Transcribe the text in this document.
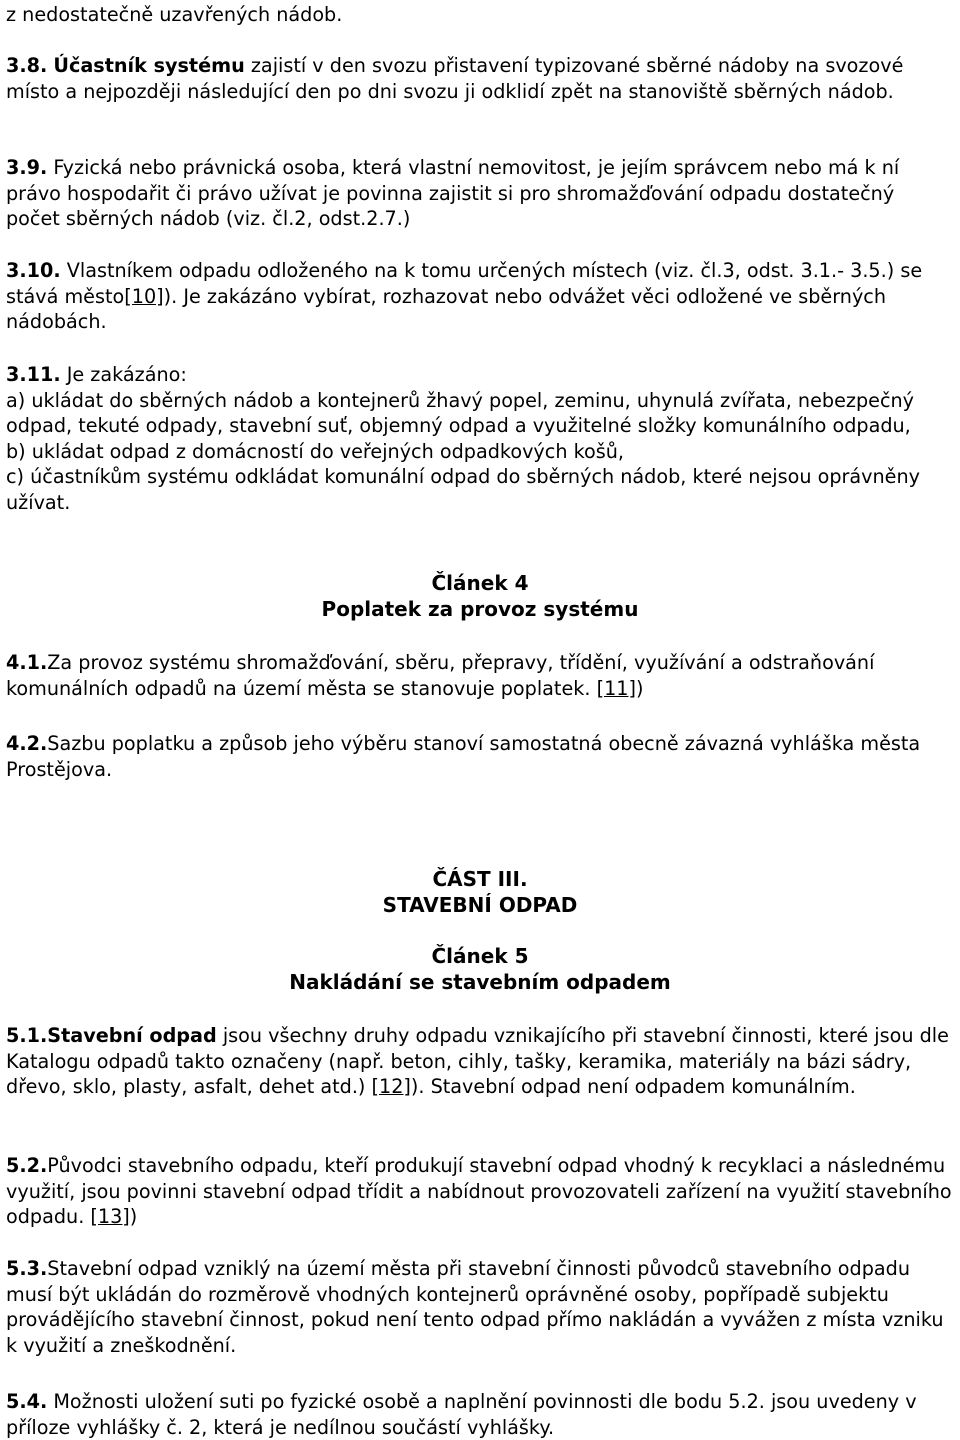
z nedostatečně uzavřených nádob.

3.8. Účastník systému zajistí v den svozu přistavení typizované sběrné nádoby na svozové místo a nejpozději následující den po dni svozu ji odklidí zpět na stanoviště sběrných nádob.

3.9. Fyzická nebo právnická osoba, která vlastní nemovitost, je jejím správcem nebo má k ní právo hospodařit či právo užívat je povinna zajistit si pro shromažďování odpadu dostatečný počet sběrných nádob (viz. čl.2, odst.2.7.)

3.10. Vlastníkem odpadu odloženého na k tomu určených místech (viz. čl.3, odst. 3.1.- 3.5.) se stává město[10]). Je zakázáno vybírat, rozhazovat nebo odvážet věci odložené ve sběrných nádobách.

3.11. Je zakázáno:

a) ukládat do sběrných nádob a kontejnerů žhavý popel, zeminu, uhynulá zvířata, nebezpečný odpad, tekuté odpady, stavební suť, objemný odpad a využitelné složky komunálního odpadu,

b) ukládat odpad z domácností do veřejných odpadkových košů,

c) účastníkům systému odkládat komunální odpad do sběrných nádob, které nejsou oprávněny užívat.

Článek 4

Poplatek za provoz systému

4.1.Za provoz systému shromažďování, sběru, přepravy, třídění, využívání a odstraňování komunálních odpadů na území města se stanovuje poplatek. [11])

4.2.Sazbu poplatku a způsob jeho výběru stanoví samostatná obecně závazná vyhláška města Prostějova.

ČÁST III.

STAVEBNÍ ODPAD

Článek 5

Nakládání se stavebním odpadem

5.1.Stavební odpad jsou všechny druhy odpadu vznikajícího při stavební činnosti, které jsou dle Katalogu odpadů takto označeny (např. beton, cihly, tašky, keramika, materiály na bázi sádry, dřevo, sklo, plasty, asfalt, dehet atd.) [12]). Stavební odpad není odpadem komunálním.

5.2.Původci stavebního odpadu, kteří produkují stavební odpad vhodný k recyklaci a následnému využití, jsou povinni stavební odpad třídit a nabídnout provozovateli zařízení na využití stavebního odpadu. [13])

5.3.Stavební odpad vzniklý na území města při stavební činnosti původců stavebního odpadu musí být ukládán do rozměrově vhodných kontejnerů oprávněné osoby, popřípadě subjektu provádějícího stavební činnost, pokud není tento odpad přímo nakládán a vyvážen z místa vzniku k využití a zneškodnění.

5.4. Možnosti uložení suti po fyzické osobě a naplnění povinnosti dle bodu 5.2. jsou uvedeny v příloze vyhlášky č. 2, která je nedílnou součástí vyhlášky.
